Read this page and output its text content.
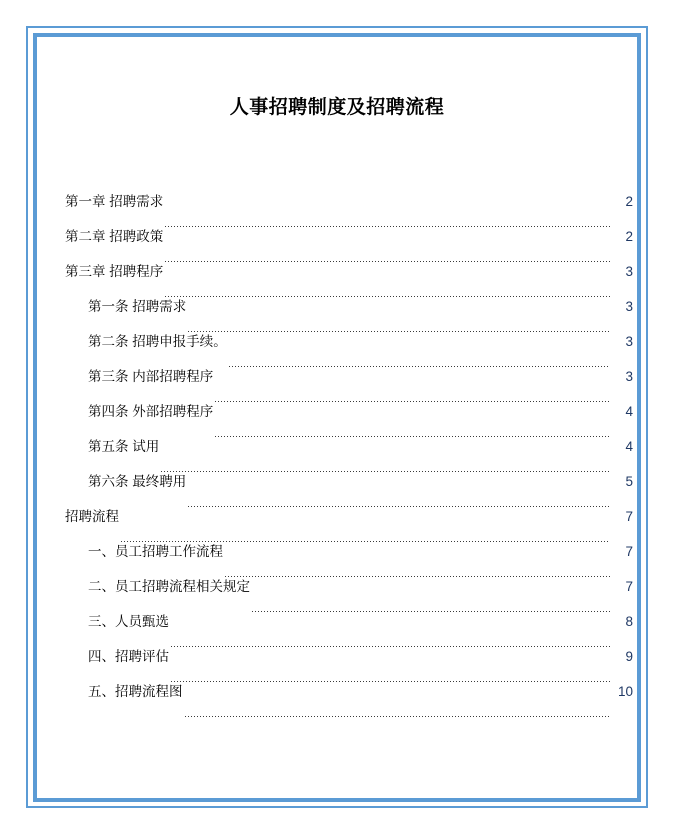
人事招聘制度及招聘流程
第一章 招聘需求	2
第二章 招聘政策	2
第三章 招聘程序	3
第一条 招聘需求	3
第二条 招聘申报手续。	3
第三条 内部招聘程序	3
第四条 外部招聘程序	4
第五条 试用	4
第六条 最终聘用	5
招聘流程	7
一、员工招聘工作流程	7
二、员工招聘流程相关规定	7
三、人员甄选	8
四、招聘评估	9
五、招聘流程图	10
